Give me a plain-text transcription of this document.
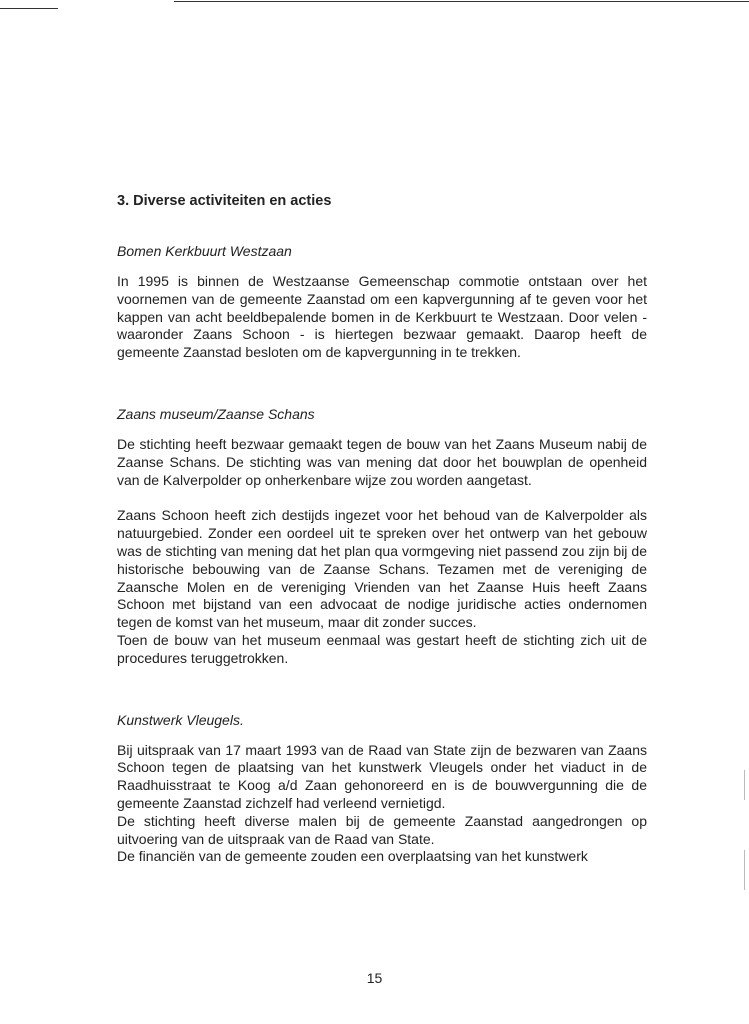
3. Diverse activiteiten en acties
Bomen Kerkbuurt Westzaan

In 1995 is binnen de Westzaanse Gemeenschap commotie ontstaan over het voornemen van de gemeente Zaanstad om een kapvergunning af te geven voor het kappen van acht beeldbepalende bomen in de Kerkbuurt te Westzaan. Door velen - waaronder Zaans Schoon - is hiertegen bezwaar gemaakt. Daarop heeft de gemeente Zaanstad besloten om de kapvergunning in te trekken.

Zaans museum/Zaanse Schans

De stichting heeft bezwaar gemaakt tegen de bouw van het Zaans Museum nabij de Zaanse Schans. De stichting was van mening dat door het bouwplan de openheid van de Kalverpolder op onherkenbare wijze zou worden aangetast.

Zaans Schoon heeft zich destijds ingezet voor het behoud van de Kalverpolder als natuurgebied. Zonder een oordeel uit te spreken over het ontwerp van het gebouw was de stichting van mening dat het plan qua vormgeving niet passend zou zijn bij de historische bebouwing van de Zaanse Schans. Tezamen met de vereniging de Zaansche Molen en de vereniging Vrienden van het Zaanse Huis heeft Zaans Schoon met bijstand van een advocaat de nodige juridische acties ondernomen tegen de komst van het museum, maar dit zonder succes.

Toen de bouw van het museum eenmaal was gestart heeft de stichting zich uit de procedures teruggetrokken.

Kunstwerk Vleugels.

Bij uitspraak van 17 maart 1993 van de Raad van State zijn de bezwaren van Zaans Schoon tegen de plaatsing van het kunstwerk Vleugels onder het viaduct in de Raadhuisstraat te Koog a/d Zaan gehonoreerd en is de bouwvergunning die de gemeente Zaanstad zichzelf had verleend vernietigd.

De stichting heeft diverse malen bij de gemeente Zaanstad aangedrongen op uitvoering van de uitspraak van de Raad van State.

De financiën van de gemeente zouden een overplaatsing van het kunstwerk

15
